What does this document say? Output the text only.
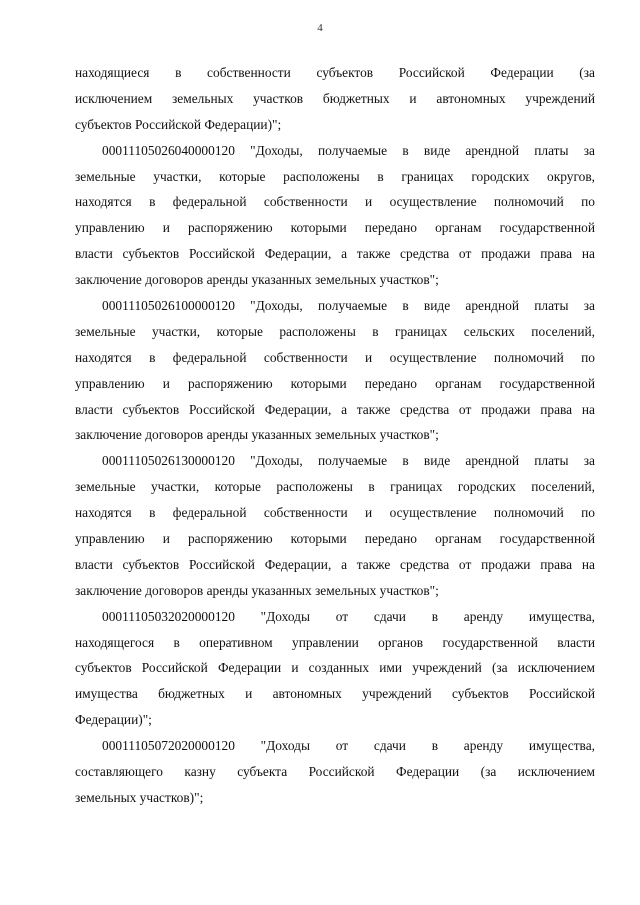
4
находящиеся в собственности субъектов Российской Федерации (за
исключением земельных участков бюджетных и автономных учреждений
субъектов Российской Федерации)";
00011105026040000120 "Доходы, получаемые в виде арендной платы за
земельные участки, которые расположены в границах городских округов,
находятся в федеральной собственности и осуществление полномочий по
управлению и распоряжению которыми передано органам государственной
власти субъектов Российской Федерации, а также средства от продажи права на
заключение договоров аренды указанных земельных участков";
00011105026100000120 "Доходы, получаемые в виде арендной платы за
земельные участки, которые расположены в границах сельских поселений,
находятся в федеральной собственности и осуществление полномочий по
управлению и распоряжению которыми передано органам государственной
власти субъектов Российской Федерации, а также средства от продажи права на
заключение договоров аренды указанных земельных участков";
00011105026130000120 "Доходы, получаемые в виде арендной платы за
земельные участки, которые расположены в границах городских поселений,
находятся в федеральной собственности и осуществление полномочий по
управлению и распоряжению которыми передано органам государственной
власти субъектов Российской Федерации, а также средства от продажи права на
заключение договоров аренды указанных земельных участков";
00011105032020000120 "Доходы от сдачи в аренду имущества,
находящегося в оперативном управлении органов государственной власти
субъектов Российской Федерации и созданных ими учреждений (за исключением
имущества бюджетных и автономных учреждений субъектов Российской
Федерации)";
00011105072020000120 "Доходы от сдачи в аренду имущества,
составляющего казну субъекта Российской Федерации (за исключением
земельных участков)";
